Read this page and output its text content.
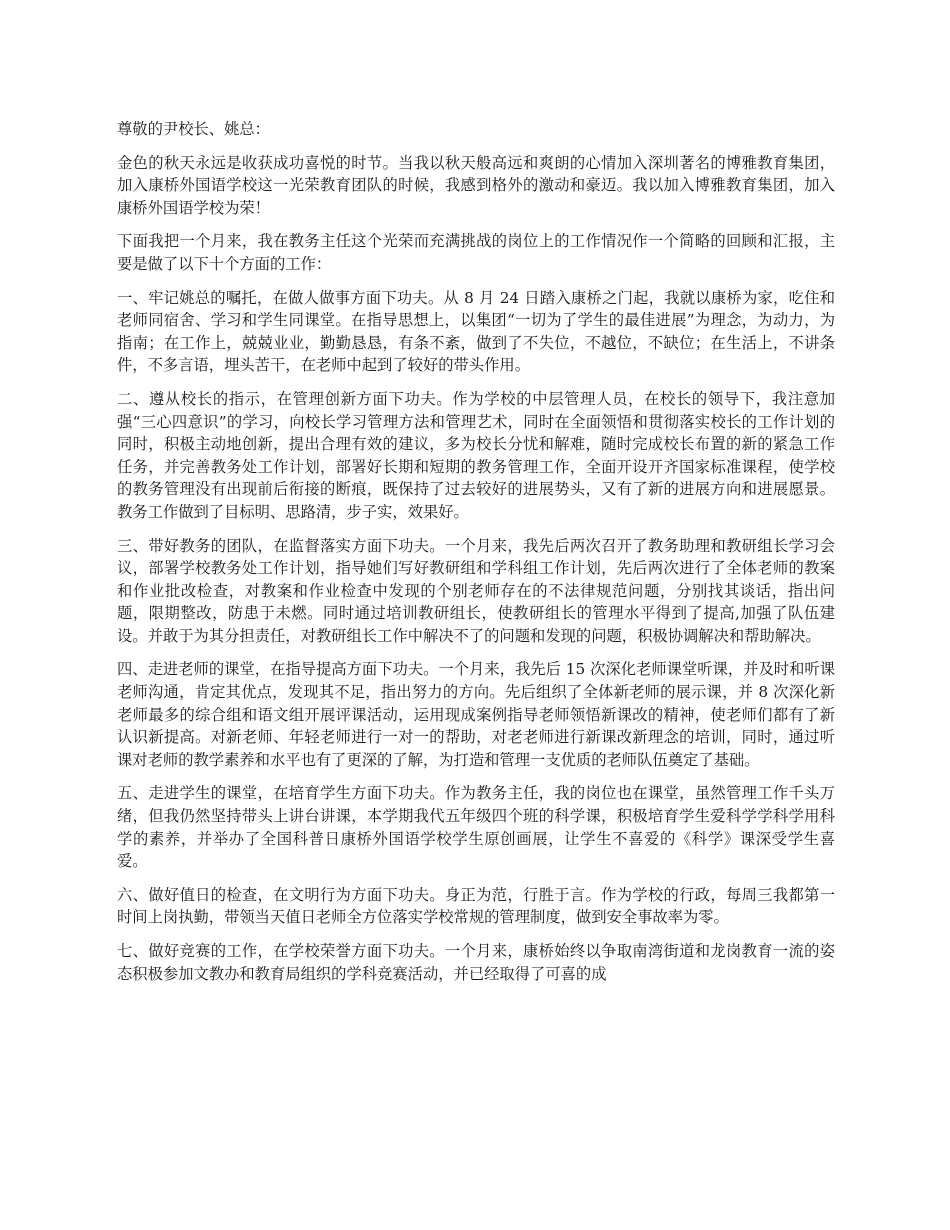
尊敬的尹校长、姚总：

金色的秋天永远是收获成功喜悦的时节。当我以秋天般高远和爽朗的心情加入深圳著名的博雅教育集团，加入康桥外国语学校这一光荣教育团队的时候，我感到格外的激动和豪迈。我以加入博雅教育集团，加入康桥外国语学校为荣！

下面我把一个月来，我在教务主任这个光荣而充满挑战的岗位上的工作情况作一个简略的回顾和汇报，主要是做了以下十个方面的工作：

一、牢记姚总的嘱托，在做人做事方面下功夫。从 8 月 24 日踏入康桥之门起，我就以康桥为家，吃住和老师同宿舍、学习和学生同课堂。在指导思想上，以集团“一切为了学生的最佳进展”为理念，为动力，为指南；在工作上，兢兢业业，勤勤恳恳，有条不紊，做到了不失位，不越位，不缺位；在生活上，不讲条件，不多言语，埋头苦干，在老师中起到了较好的带头作用。

二、遵从校长的指示，在管理创新方面下功夫。作为学校的中层管理人员，在校长的领导下，我注意加强“三心四意识”的学习，向校长学习管理方法和管理艺术，同时在全面领悟和贯彻落实校长的工作计划的同时，积极主动地创新，提出合理有效的建议，多为校长分忧和解难，随时完成校长布置的新的紧急工作任务，并完善教务处工作计划，部署好长期和短期的教务管理工作，全面开设开齐国家标准课程，使学校的教务管理没有出现前后衔接的断痕，既保持了过去较好的进展势头，又有了新的进展方向和进展愿景。教务工作做到了目标明、思路清，步子实，效果好。

三、带好教务的团队，在监督落实方面下功夫。一个月来，我先后两次召开了教务助理和教研组长学习会议，部署学校教务处工作计划，指导她们写好教研组和学科组工作计划，先后两次进行了全体老师的教案和作业批改检查，对教案和作业检查中发现的个别老师存在的不法律规范问题，分别找其谈话，指出问题，限期整改，防患于未燃。同时通过培训教研组长，使教研组长的管理水平得到了提高,加强了队伍建设。并敢于为其分担责任，对教研组长工作中解决不了的问题和发现的问题，积极协调解决和帮助解决。

四、走进老师的课堂，在指导提高方面下功夫。一个月来，我先后 15 次深化老师课堂听课，并及时和听课老师沟通，肯定其优点，发现其不足，指出努力的方向。先后组织了全体新老师的展示课，并 8 次深化新老师最多的综合组和语文组开展评课活动，运用现成案例指导老师领悟新课改的精神，使老师们都有了新认识新提高。对新老师、年轻老师进行一对一的帮助，对老老师进行新课改新理念的培训，同时，通过听课对老师的教学素养和水平也有了更深的了解，为打造和管理一支优质的老师队伍奠定了基础。

五、走进学生的课堂，在培育学生方面下功夫。作为教务主任，我的岗位也在课堂，虽然管理工作千头万绪，但我仍然坚持带头上讲台讲课，本学期我代五年级四个班的科学课，积极培育学生爱科学学科学用科学的素养，并举办了全国科普日康桥外国语学校学生原创画展，让学生不喜爱的《科学》课深受学生喜爱。

六、做好值日的检查，在文明行为方面下功夫。身正为范，行胜于言。作为学校的行政，每周三我都第一时间上岗执勤，带领当天值日老师全方位落实学校常规的管理制度，做到安全事故率为零。

七、做好竞赛的工作，在学校荣誉方面下功夫。一个月来，康桥始终以争取南湾街道和龙岗教育一流的姿态积极参加文教办和教育局组织的学科竞赛活动，并已经取得了可喜的成
